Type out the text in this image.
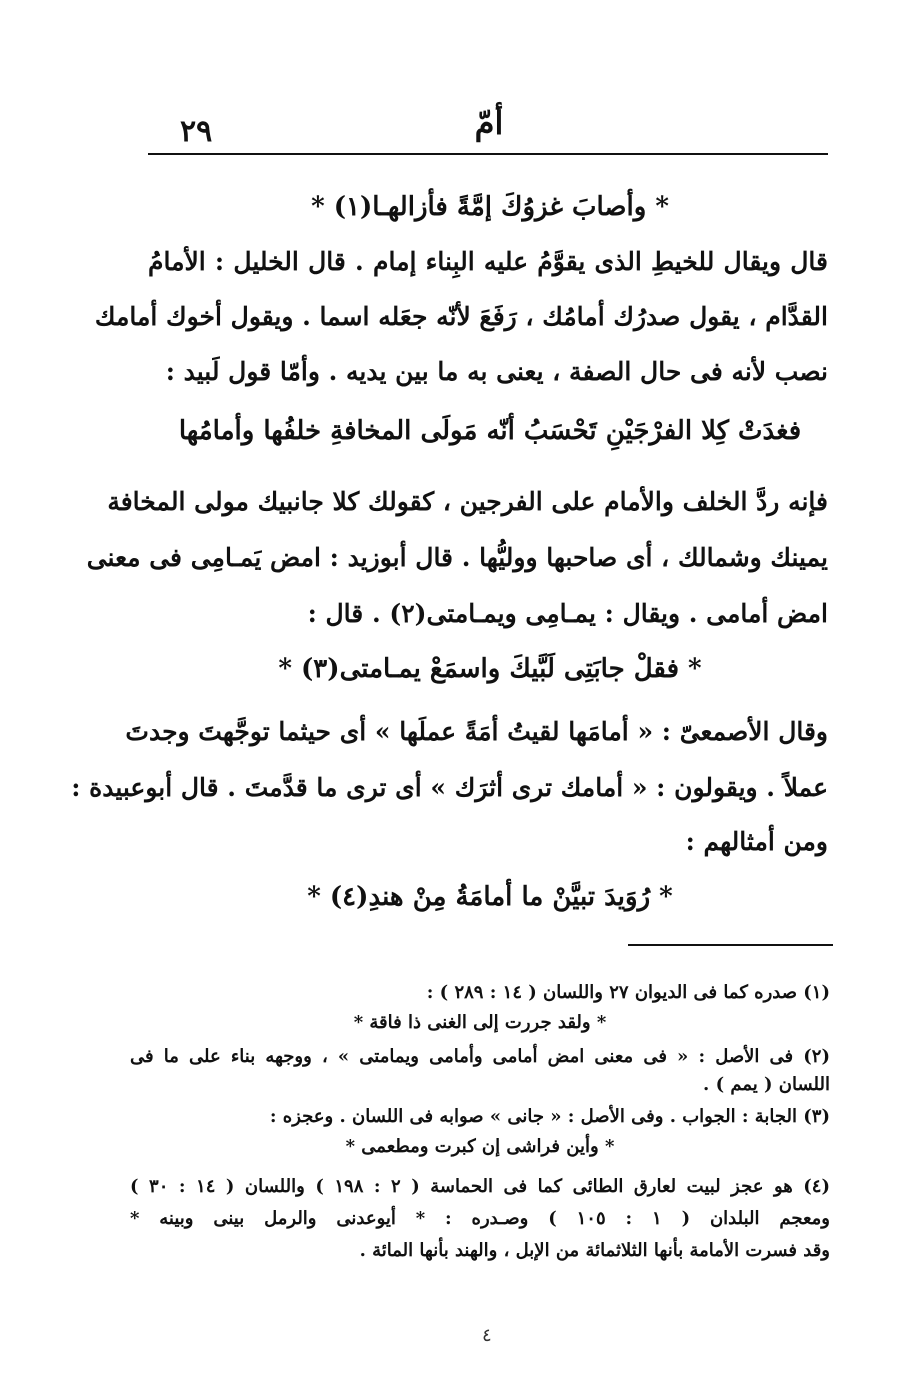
٢٩	أمّ
* وأصابَ غزوُكَ إمَّةً فأزالهـا(١) *
قال ويقال للخيطِ الذى يقوَّمُ عليه البِناء إمام . قال الخليل : الأمامُ
القدَّام ، يقول صدرُك أمامُك ، رَفَعَ لأنّه جعَله اسما . ويقول أخوك أمامك
نصب لأنه فى حال الصفة ، يعنى به ما بين يديه . وأمّا قول لَبيد :
فغدَتْ كِلا الفرْجَيْنِ تَحْسَبُ أنّه مَولَى المخافةِ خلفُها وأمامُها
فإنه ردَّ الخلف والأمام على الفرجين ، كقولك كلا جانبيك مولى المخافة
يمينك وشمالك ، أى صاحبها ووليُّها . قال أبوزيد : امض يَمـامِى فى معنى
امض أمامى . ويقال : يمـامِى ويمـامتى(٢) . قال :
* فقلْ جابَتِى لَبَّيكَ واسمَعْ يمـامتى(٣) *
وقال الأصمعىّ : « أمامَها لقيتُ أمَةً عملَها » أى حيثما توجَّهتَ وجدتَ
عملاً . ويقولون : « أمامك ترى أثرَك » أى ترى ما قدَّمتَ . قال أبوعبيدة :
ومن أمثالهم :
* رُوَيدَ تبيَّنْ ما أمامَةُ مِنْ هندِ(٤) *
(١) صدره كما فى الديوان ٢٧ واللسان ( ١٤ : ٢٨٩ ) :
* ولقد جررت إلى الغنى ذا فاقة *
(٢) فى الأصل : « فى معنى امض أمامى وأمامى ويمامتى » ، ووجهه بناء على ما فى
اللسان ( يمم ) .
(٣) الجابة : الجواب . وفى الأصل : « جانى » صوابه فى اللسان . وعجزه :
* وأين فراشى إن كبرت ومطعمى *
(٤) هو عجز لبيت لعارق الطائى كما فى الحماسة ( ٢ : ١٩٨ ) واللسان ( ١٤ : ٣٠ )
ومعجم البلدان ( ١ : ١٠٥ ) وصـدره : * أيوعدنى والرمل بينى وبينه *
وقد فسرت الأمامة بأنها الثلاثمائة من الإبل ، والهند بأنها المائة .
٤
